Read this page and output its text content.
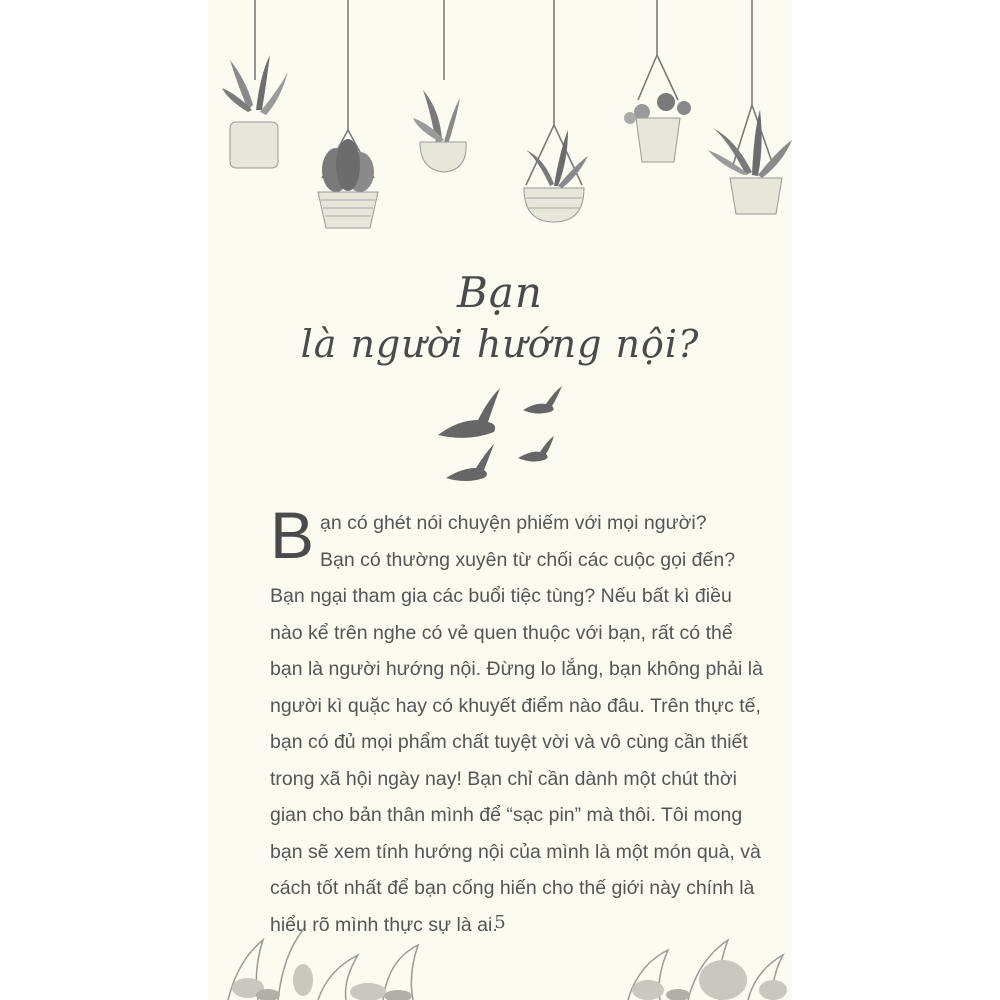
Bạn
là người hướng nội?
B ạn có ghét nói chuyện phiếm với mọi người?

Bạn có thường xuyên từ chối các cuộc gọi đến?

Bạn ngại tham gia các buổi tiệc tùng? Nếu bất kì điều

nào kể trên nghe có vẻ quen thuộc với bạn, rất có thể

bạn là người hướng nội. Đừng lo lắng, bạn không phải là

người kì quặc hay có khuyết điểm nào đâu. Trên thực tế,

bạn có đủ mọi phẩm chất tuyệt vời và vô cùng cần thiết

trong xã hội ngày nay! Bạn chỉ cần dành một chút thời

gian cho bản thân mình để “sạc pin” mà thôi. Tôi mong

bạn sẽ xem tính hướng nội của mình là một món quà, và

cách tốt nhất để bạn cống hiến cho thế giới này chính là

hiểu rõ mình thực sự là ai.

5
